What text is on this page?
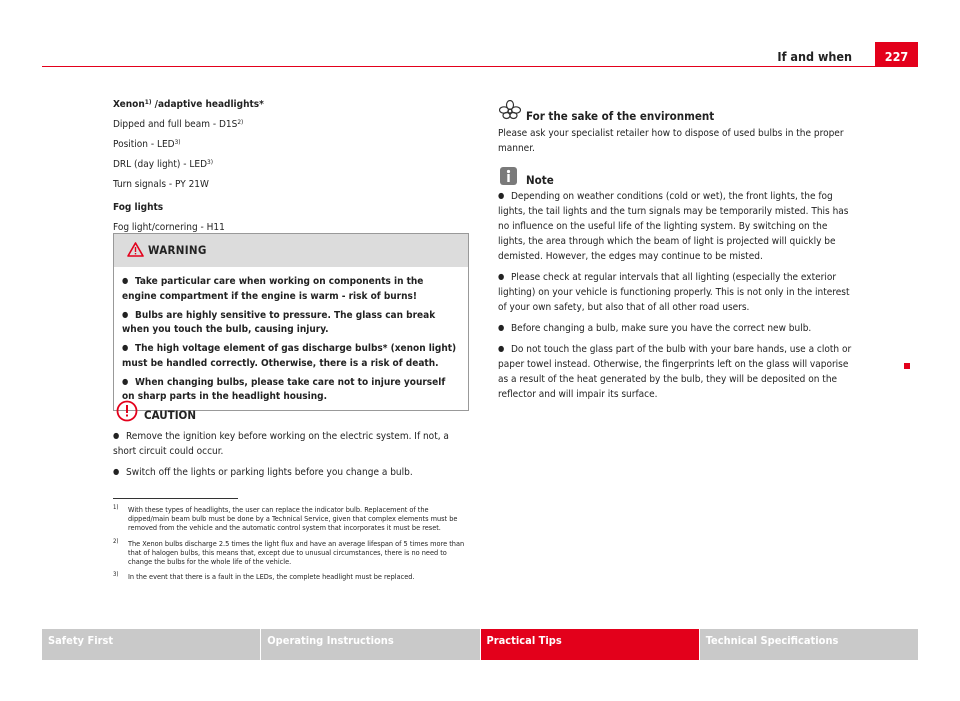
If and when	227

Xenon$^{1)}$ /adaptive headlights*

Dipped and full beam - $D1S^{2)}$

Position - LED$^{3)}$

DRL (day light) - LED$^{3)}$

Turn signals - PY 21W

Fog lights

Fog light/cornering - H11

WARNING

● Take particular care when working on components in the engine compartment if the engine is warm - risk of burns!

● Bulbs are highly sensitive to pressure. The glass can break when you touch the bulb, causing injury.

● The high voltage element of gas discharge bulbs* (xenon light) must be handled correctly. Otherwise, there is a risk of death.

● When changing bulbs, please take care not to injure yourself on sharp parts in the headlight housing.

CAUTION

● Remove the ignition key before working on the electric system. If not, a short circuit could occur.

● Switch off the lights or parking lights before you change a bulb.

For the sake of the environment

Please ask your specialist retailer how to dispose of used bulbs in the proper manner.

Note

● Depending on weather conditions (cold or wet), the front lights, the fog lights, the tail lights and the turn signals may be temporarily misted. This has no influence on the useful life of the lighting system. By switching on the lights, the area through which the beam of light is projected will quickly be demisted. However, the edges may continue to be misted.

● Please check at regular intervals that all lighting (especially the exterior lighting) on your vehicle is functioning properly. This is not only in the interest of your own safety, but also that of all other road users.

● Before changing a bulb, make sure you have the correct new bulb.

● Do not touch the glass part of the bulb with your bare hands, use a cloth or paper towel instead. Otherwise, the fingerprints left on the glass will vaporise as a result of the heat generated by the bulb, they will be deposited on the reflector and will impair its surface.

1) With these types of headlights, the user can replace the indicator bulb. Replacement of the dipped/main beam bulb must be done by a Technical Service, given that complex elements must be removed from the vehicle and the automatic control system that incorporates it must be reset.
2) The Xenon bulbs discharge 2.5 times the light flux and have an average lifespan of 5 times more than that of halogen bulbs, this means that, except due to unusual circumstances, there is no need to change the bulbs for the whole life of the vehicle.
3) In the event that there is a fault in the LEDs, the complete headlight must be replaced.
Safety First	Operating Instructions	Practical Tips	Technical Specifications
